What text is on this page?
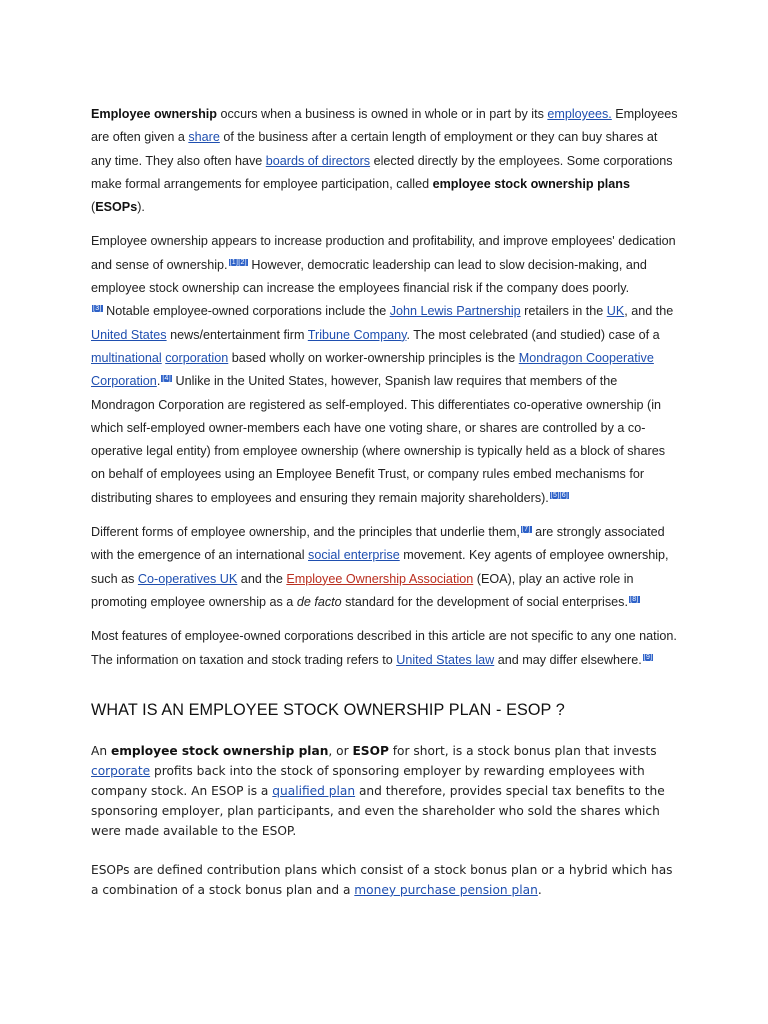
Employee ownership occurs when a business is owned in whole or in part by its employees. Employees are often given a share of the business after a certain length of employment or they can buy shares at any time. They also often have boards of directors elected directly by the employees. Some corporations make formal arrangements for employee participation, called employee stock ownership plans (ESOPs).

Employee ownership appears to increase production and profitability, and improve employees' dedication and sense of ownership. [1][2] However, democratic leadership can lead to slow decision-making, and employee stock ownership can increase the employees financial risk if the company does poorly.
[3] Notable employee-owned corporations include the John Lewis Partnership retailers in the UK, and the United States news/entertainment firm Tribune Company. The most celebrated (and studied) case of a multinational corporation based wholly on worker-ownership principles is the Mondragon Cooperative Corporation. [4] Unlike in the United States, however, Spanish law requires that members of the Mondragon Corporation are registered as self-employed. This differentiates co-operative ownership (in which self-employed owner-members each have one voting share, or shares are controlled by a co-operative legal entity) from employee ownership (where ownership is typically held as a block of shares on behalf of employees using an Employee Benefit Trust, or company rules embed mechanisms for distributing shares to employees and ensuring they remain majority shareholders). [5][6]

Different forms of employee ownership, and the principles that underlie them, [7] are strongly associated with the emergence of an international social enterprise movement. Key agents of employee ownership, such as Co-operatives UK and the Employee Ownership Association (EOA), play an active role in promoting employee ownership as a de facto standard for the development of social enterprises. [8]

Most features of employee-owned corporations described in this article are not specific to any one nation. The information on taxation and stock trading refers to United States law and may differ elsewhere. [9]

WHAT IS AN EMPLOYEE STOCK OWNERSHIP PLAN - ESOP ?

An employee stock ownership plan, or ESOP for short, is a stock bonus plan that invests corporate profits back into the stock of sponsoring employer by rewarding employees with company stock. An ESOP is a qualified plan and therefore, provides special tax benefits to the sponsoring employer, plan participants, and even the shareholder who sold the shares which were made available to the ESOP.

ESOPs are defined contribution plans which consist of a stock bonus plan or a hybrid which has a combination of a stock bonus plan and a money purchase pension plan.
